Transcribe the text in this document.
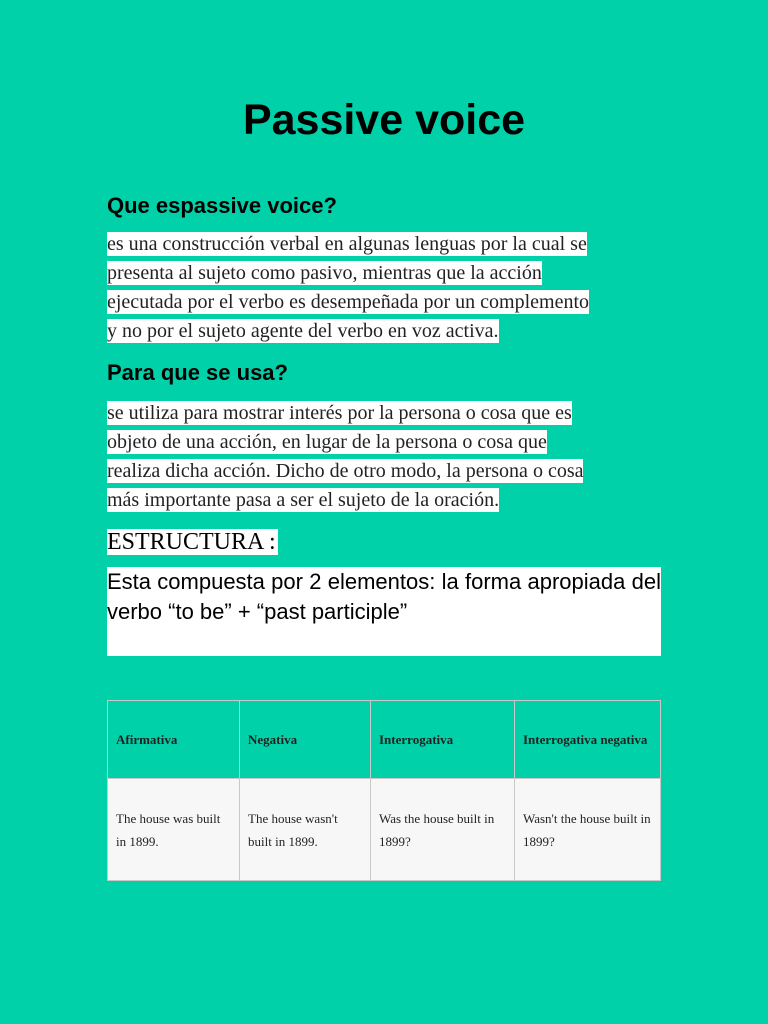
Passive voice
Que espassive voice?

es una construcción verbal en algunas lenguas por la cual se
presenta al sujeto como pasivo, mientras que la acción
ejecutada por el verbo es desempeñada por un complemento
y no por el sujeto agente del verbo en voz activa.

Para que se usa?

se utiliza para mostrar interés por la persona o cosa que es
objeto de una acción, en lugar de la persona o cosa que
realiza dicha acción. Dicho de otro modo, la persona o cosa
más importante pasa a ser el sujeto de la oración.

ESTRUCTURA :

Esta compuesta por 2 elementos: la forma apropiada del verbo “to be” + “past participle”

Afirmativa	Negativa	Interrogativa	Interrogativa negativa
The house was built in 1899.	The house wasn't built in 1899.	Was the house built in 1899?	Wasn't the house built in 1899?
